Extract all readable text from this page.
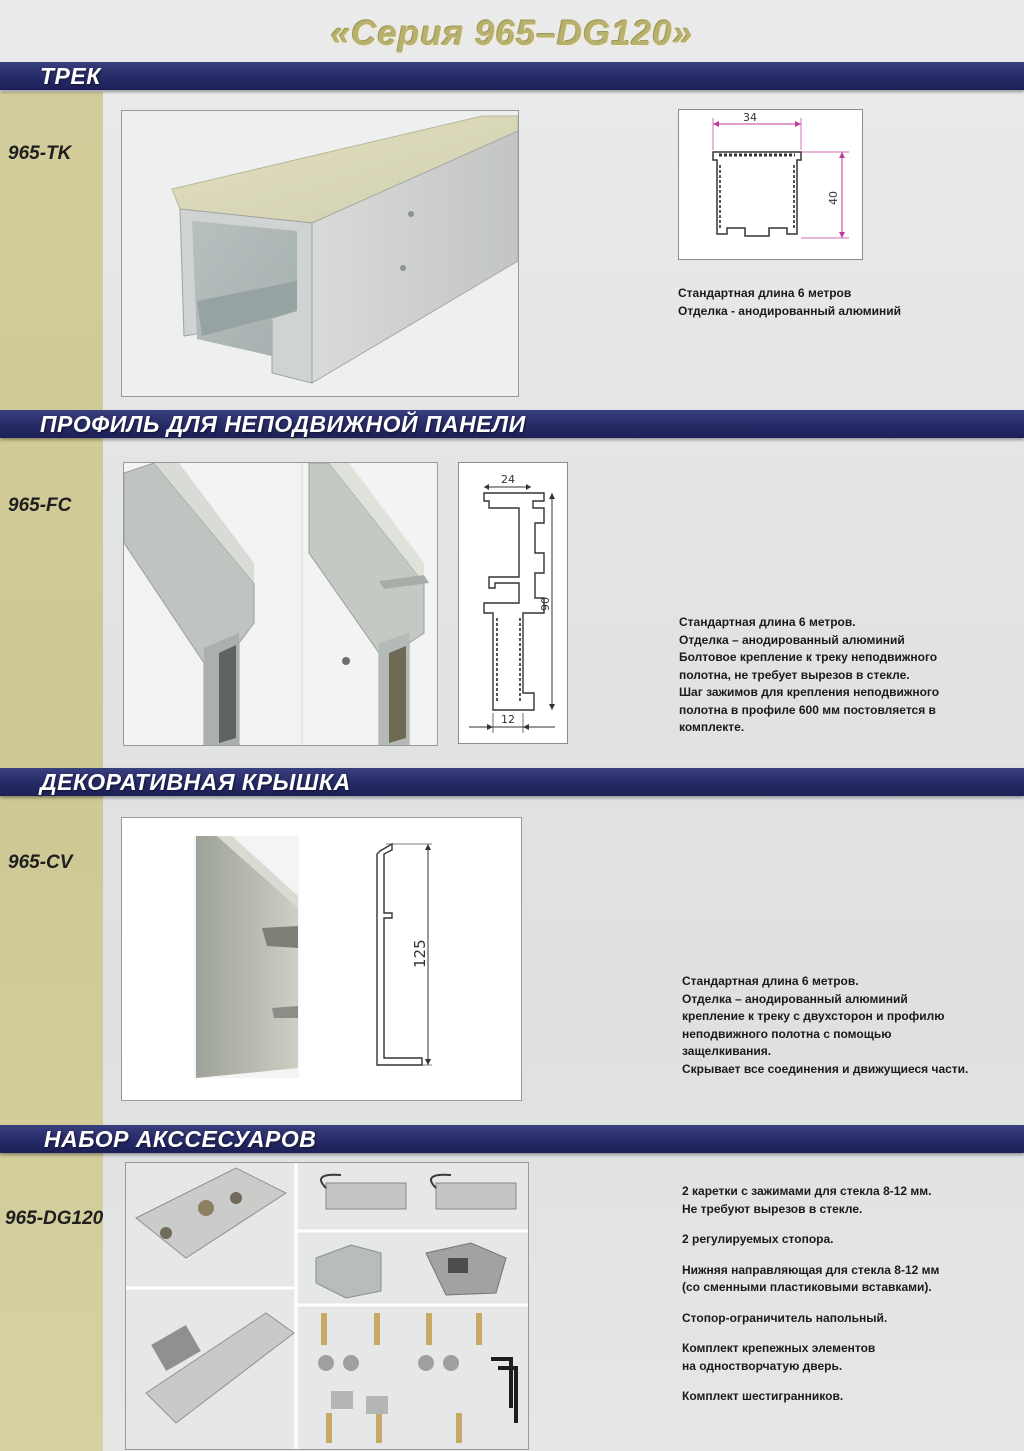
«Серия 965–DG120»
ТРЕК
965-TK
34
40

Стандартная длина 6 метров

Отделка - анодированный алюминий

ПРОФИЛЬ ДЛЯ НЕПОДВИЖНОЙ ПАНЕЛИ
965-FC
24
90
12

Стандартная длина 6 метров.

Отделка – анодированный алюминий

Болтовое крепление к треку неподвижного

полотна, не требует вырезов в стекле.

Шаг зажимов для крепления неподвижного

полотна в профиле 600 мм постовляется в

комплекте.

ДЕКОРАТИВНАЯ КРЫШКА
965-CV
125

Стандартная длина 6 метров.

Отделка – анодированный алюминий

крепление к треку с двухсторон и профилю

неподвижного полотна с помощью

защелкивания.

Скрывает все соединения и движущиеся части.

НАБОР АКССЕСУАРОВ
965-DG120

2 каретки с зажимами для стекла 8-12 мм.

Не требуют вырезов в стекле.

2 регулируемых стопора.

Нижняя направляющая для стекла 8-12 мм

(со сменными пластиковыми вставками).

Стопор-ограничитель напольный.

Комплект крепежных элементов

на одностворчатую дверь.

Комплект шестигранников.
